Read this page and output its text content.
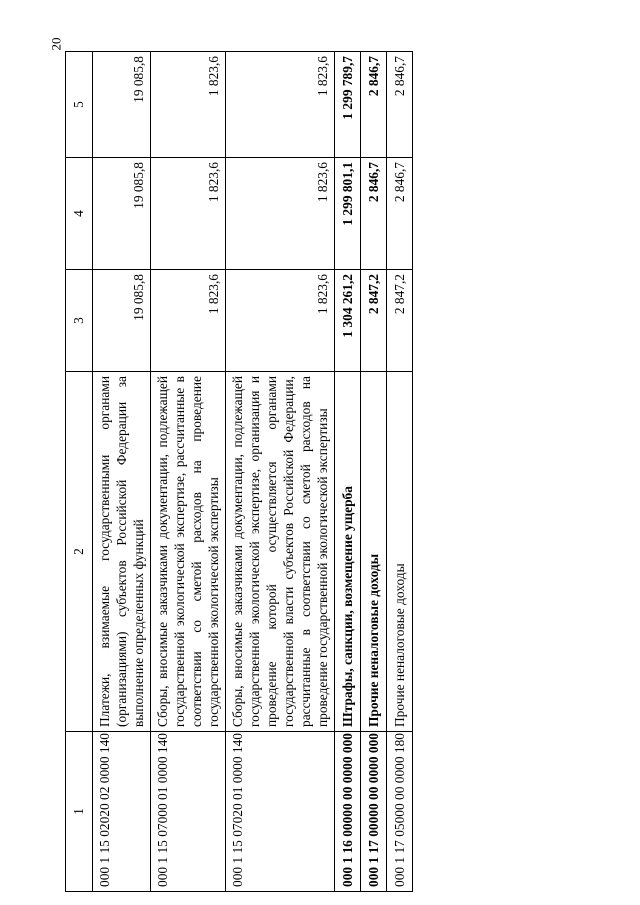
20
1	2	3	4	5
000 1 15 02020 02 0000 140	Платежи, взимаемые государственными органами (организациями) субъектов Российской Федерации за выполнение определенных функций	19 085,8	19 085,8	19 085,8
000 1 15 07000 01 0000 140	Сборы, вносимые заказчиками документации, подлежащей государственной экологической экспертизе, рассчитанные в соответствии со сметой расходов на проведение государственной экологической экспертизы	1 823,6	1 823,6	1 823,6
000 1 15 07020 01 0000 140	Сборы, вносимые заказчиками документации, подлежащей государственной экологической экспертизе, организация и проведение которой осуществляется органами государственной власти субъектов Российской Федерации, рассчитанные в соответствии со сметой расходов на проведение государственной экологической экспертизы	1 823,6	1 823,6	1 823,6
000 1 16 00000 00 0000 000	Штрафы, санкции, возмещение ущерба	1 304 261,2	1 299 801,1	1 299 789,7
000 1 17 00000 00 0000 000	Прочие неналоговые доходы	2 847,2	2 846,7	2 846,7
000 1 17 05000 00 0000 180	Прочие неналоговые доходы	2 847,2	2 846,7	2 846,7
